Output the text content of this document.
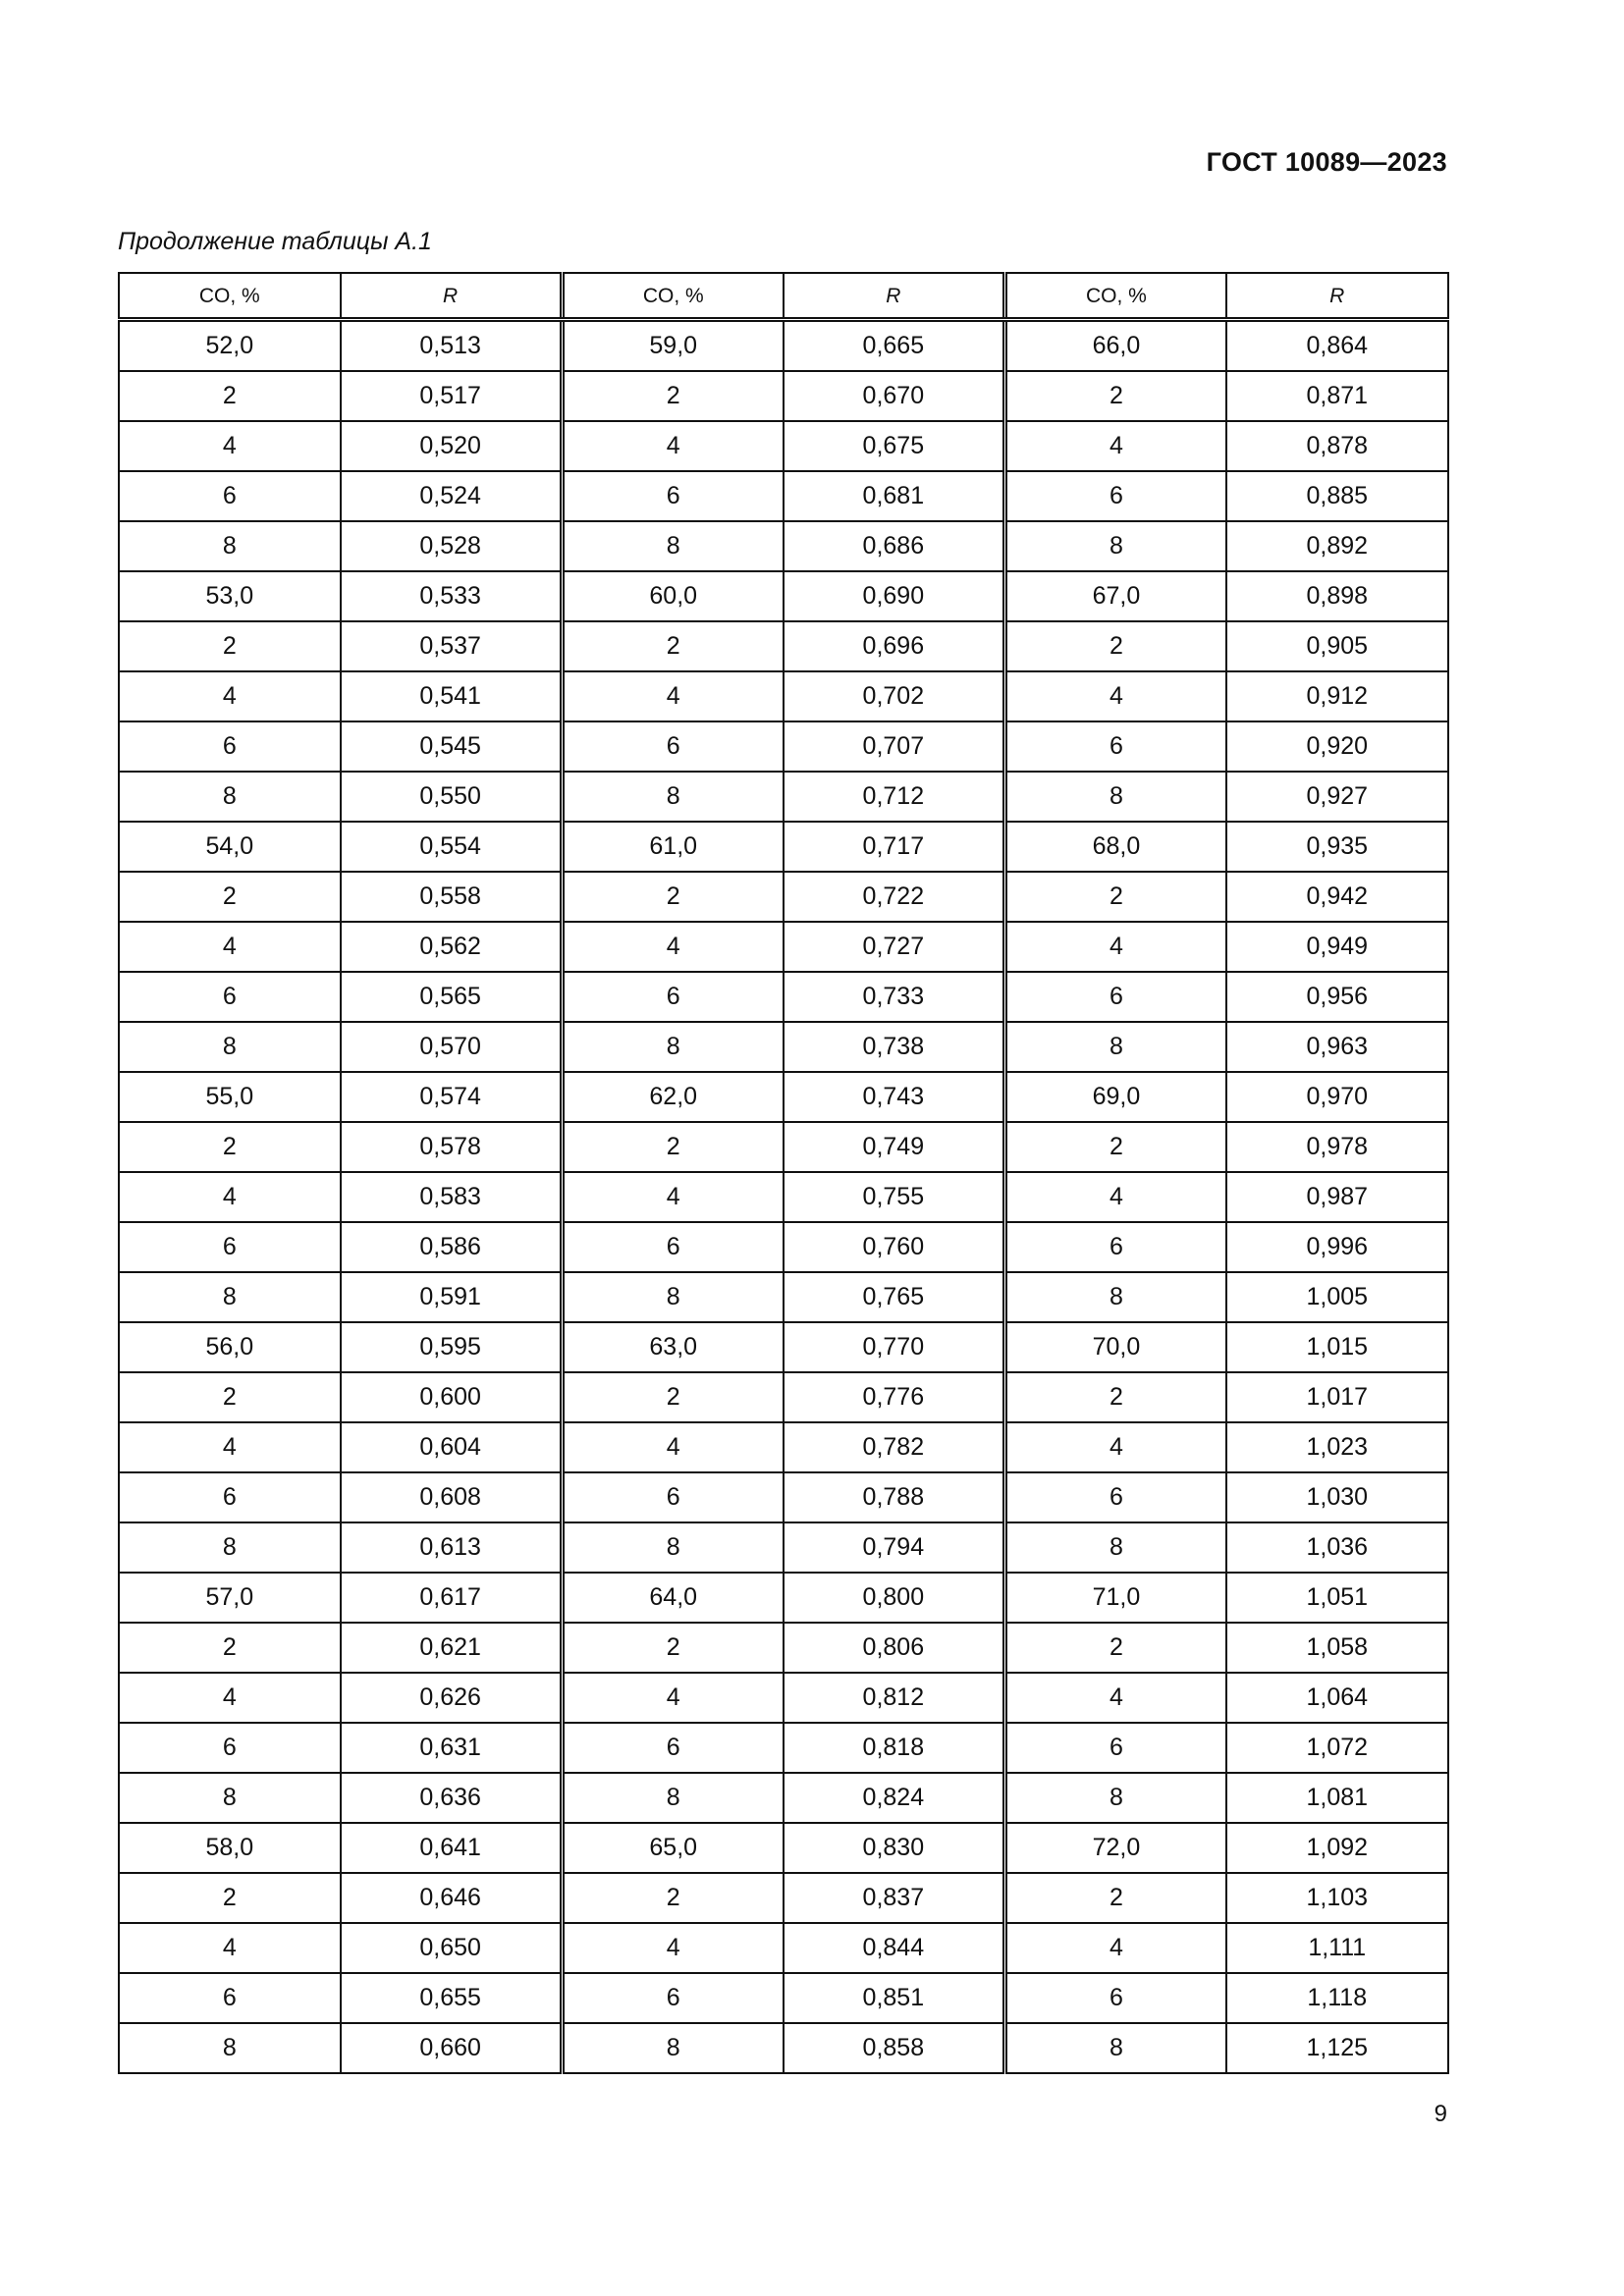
ГОСТ 10089—2023
Продолжение таблицы А.1
CO, %	R	CO, %	R	CO, %	R
52,0	0,513	59,0	0,665	66,0	0,864
2	0,517	2	0,670	2	0,871
4	0,520	4	0,675	4	0,878
6	0,524	6	0,681	6	0,885
8	0,528	8	0,686	8	0,892
53,0	0,533	60,0	0,690	67,0	0,898
2	0,537	2	0,696	2	0,905
4	0,541	4	0,702	4	0,912
6	0,545	6	0,707	6	0,920
8	0,550	8	0,712	8	0,927
54,0	0,554	61,0	0,717	68,0	0,935
2	0,558	2	0,722	2	0,942
4	0,562	4	0,727	4	0,949
6	0,565	6	0,733	6	0,956
8	0,570	8	0,738	8	0,963
55,0	0,574	62,0	0,743	69,0	0,970
2	0,578	2	0,749	2	0,978
4	0,583	4	0,755	4	0,987
6	0,586	6	0,760	6	0,996
8	0,591	8	0,765	8	1,005
56,0	0,595	63,0	0,770	70,0	1,015
2	0,600	2	0,776	2	1,017
4	0,604	4	0,782	4	1,023
6	0,608	6	0,788	6	1,030
8	0,613	8	0,794	8	1,036
57,0	0,617	64,0	0,800	71,0	1,051
2	0,621	2	0,806	2	1,058
4	0,626	4	0,812	4	1,064
6	0,631	6	0,818	6	1,072
8	0,636	8	0,824	8	1,081
58,0	0,641	65,0	0,830	72,0	1,092
2	0,646	2	0,837	2	1,103
4	0,650	4	0,844	4	1,111
6	0,655	6	0,851	6	1,118
8	0,660	8	0,858	8	1,125
9
